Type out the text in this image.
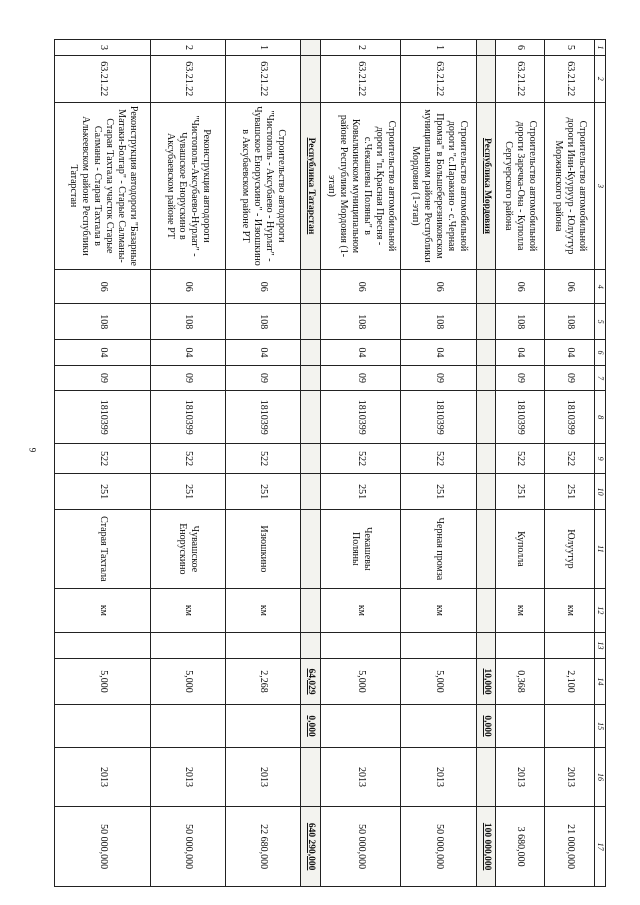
9
1	2	3	4	5	6	7	8	9	10	11	12	13	14	15	16	17
5	63.21.22	Строительство автомобильной дороги Ини-Кууруур - Юлуутур Моржинского района	06	108	04	09	1810399	522	251	Юлуутур	км		2,100		2013	21 000,000
6	63.21.22	Строительство автомобильной дороги Заречка-Она - Куполла Сергуерского района	06	108	04	09	1810399	522	251	Куполла	км		0,368		2013	3 680,000
		Республика Мордовия											10,000	0,000		100 000,000
1	63.21.22	Строительство автомобильной дороги "с.Паракино - с.Черная Промза" в Большеберезниковском муниципальном районе Республики Мордовия (1-этап)	06	108	04	09	1810399	522	251	Черная промза	км		5,000		2013	50 000,000
2	63.21.22	Строительство автомобильной дороги "п.Красная Пресня - с.Чекашевы Поляны" в Ковылкинском муниципальном районе Республики Мордовия (1-этап)	06	108	04	09	1810399	522	251	Чекашевы Поляны	км		5,000		2013	50 000,000
		Республика Татарстан											64,029	0,000		640 290,000
1	63.21.22	Строительство автодороги "Чистополь - Аксубаево - Нурлат" - Чувашское Енорускино" - Изюшкино в Аксубаевском районе РТ	06	108	04	09	1810399	522	251	Изюшкино	км		2,268		2013	22 680,000
2	63.21.22	Реконструкция автодороги "Чистополь-Аксубаево-Нурлат" - Чувашское Енорускино в Аксубаевском районе РТ	06	108	04	09	1810399	522	251	Чувашское Енорускино	км		5,000		2013	50 000,000
3	63.21.22	Реконструкция автодороги "Базарные Матаки-Болгар" - Старые Салманы-Старая Тахтала участок Старые Салманы - Старая Тахтала в Алькеевском районе Республики Татарстан	06	108	04	09	1810399	522	251	Старая Тахтала	км		5,000		2013	50 000,000
